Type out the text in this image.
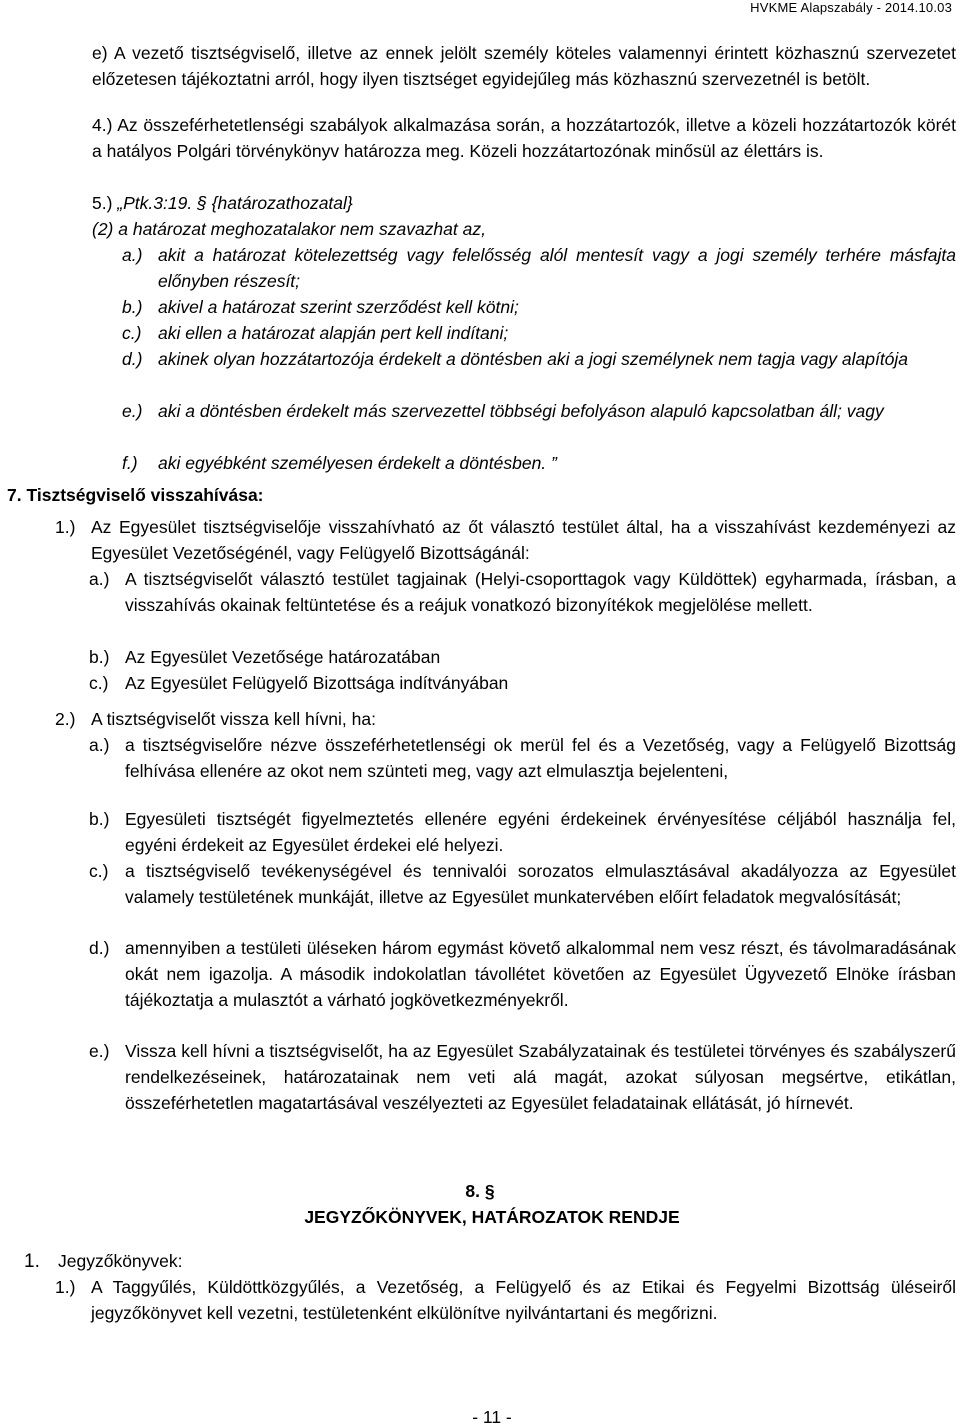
HVKME Alapszabály - 2014.10.03

e) A vezető tisztségviselő, illetve az ennek jelölt személy köteles valamennyi érintett közhasznú szervezetet előzetesen tájékoztatni arról, hogy ilyen tisztséget egyidejűleg más közhasznú szervezetnél is betölt.

4.) Az összeférhetetlenségi szabályok alkalmazása során, a hozzátartozók, illetve a közeli hozzátartozók körét a hatályos Polgári törvénykönyv határozza meg. Közeli hozzátartozónak minősül az élettárs is.

5.) „Ptk.3:19. § {határozathozatal}
(2) a határozat meghozatalakor nem szavazhat az,
a.) akit a határozat kötelezettség vagy felelősség alól mentesít vagy a jogi személy terhére másfajta előnyben részesít;
b.) akivel a határozat szerint szerződést kell kötni;
c.) aki ellen a határozat alapján pert kell indítani;
d.) akinek olyan hozzátartozója érdekelt a döntésben aki a jogi személynek nem tagja vagy alapítója
e.) aki a döntésben érdekelt más szervezettel többségi befolyáson alapuló kapcsolatban áll; vagy
f.)	aki egyébként személyesen érdekelt a döntésben. ”
7. Tisztségviselő visszahívása:
1.) Az Egyesület tisztségviselője visszahívható az őt választó testület által, ha a visszahívást kezdeményezi az Egyesület Vezetőségénél, vagy Felügyelő Bizottságánál:
a.) A tisztségviselőt választó testület tagjainak (Helyi-csoporttagok vagy Küldöttek) egyharmada, írásban, a visszahívás okainak feltüntetése és a reájuk vonatkozó bizonyítékok megjelölése mellett.
b.) Az Egyesület Vezetősége határozatában
c.) Az Egyesület Felügyelő Bizottsága indítványában
2.) A tisztségviselőt vissza kell hívni, ha:
a.) a tisztségviselőre nézve összeférhetetlenségi ok merül fel és a Vezetőség, vagy a Felügyelő Bizottság felhívása ellenére az okot nem szünteti meg, vagy azt elmulasztja bejelenteni,
b.) Egyesületi tisztségét figyelmeztetés ellenére egyéni érdekeinek érvényesítése céljából használja fel, egyéni érdekeit az Egyesület érdekei elé helyezi.
c.) a tisztségviselő tevékenységével és tennivalói sorozatos elmulasztásával akadályozza az Egyesület valamely testületének munkáját, illetve az Egyesület munkatervében előírt feladatok megvalósítását;
d.) amennyiben a testületi üléseken három egymást követő alkalommal nem vesz részt, és távolmaradásának okát nem igazolja. A második indokolatlan távollétet követően az Egyesület Ügyvezető Elnöke írásban tájékoztatja a mulasztót a várható jogkövetkezményekről.
e.) Vissza kell hívni a tisztségviselőt, ha az Egyesület Szabályzatainak és testületei törvényes és szabályszerű rendelkezéseinek, határozatainak nem veti alá magát, azokat súlyosan megsértve, etikátlan, összeférhetetlen magatartásával veszélyezteti az Egyesület feladatainak ellátását, jó hírnevét.
8. §
JEGYZŐKÖNYVEK, HATÁROZATOK RENDJE
1. Jegyzőkönyvek:
1.) A Taggyűlés, Küldöttközgyűlés, a Vezetőség, a Felügyelő és az Etikai és Fegyelmi Bizottság üléseiről jegyzőkönyvet kell vezetni, testületenként elkülönítve nyilvántartani és megőrizni.
- 11 -
